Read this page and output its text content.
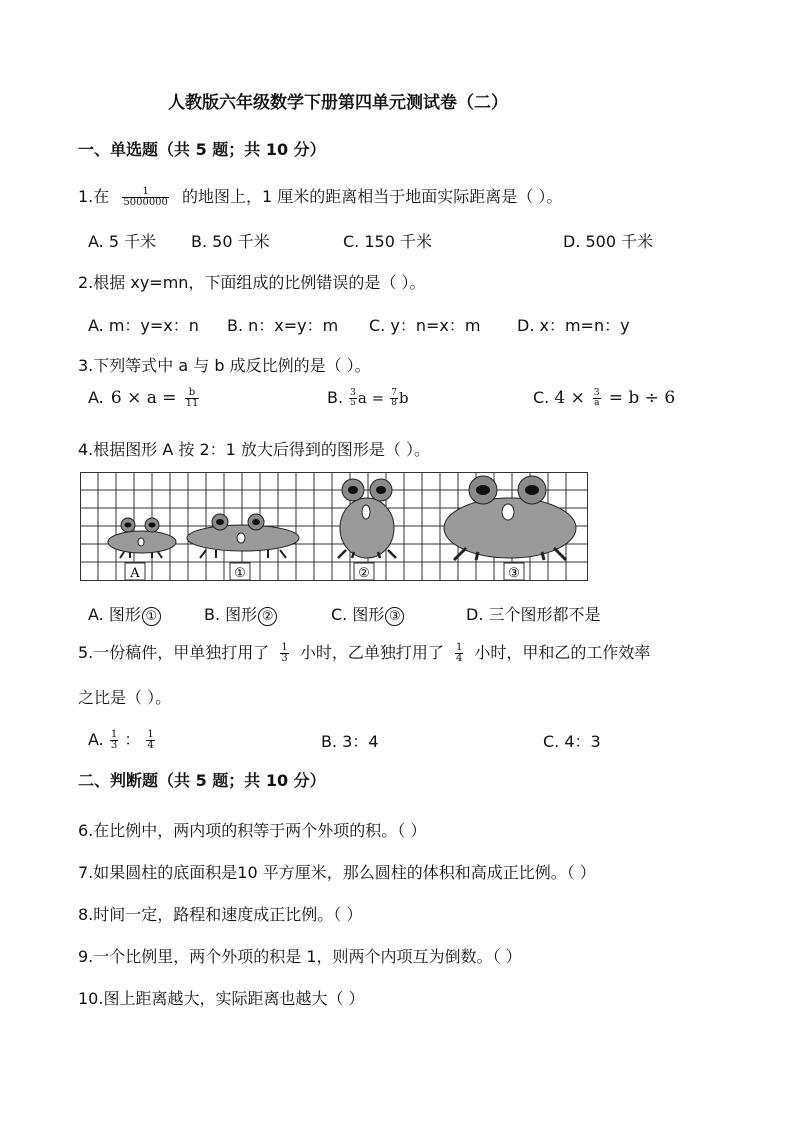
人教版六年级数学下册第四单元测试卷（二）
一、单选题（共 5 题；共 10 分）
1.在 $\frac{1}{5000000}$ 的地图上，1 厘米的距离相当于地面实际距离是（ ）。
A. 5 千米 B. 50 千米	C. 150 千米	D. 500 千米
2.根据 xy=mn，下面组成的比例错误的是（ ）。
A. m：y=x：n B. n：x=y：m C. y：n=x：m D. x：m=n：y
3.下列等式中 a 与 b 成反比例的是（ ）。
A. $6 \times a = \frac{b}{11}$	B. $\frac{3}{5}$ $a = \frac{7}{8}$ b	C. $4 \times \frac{3}{a} = b \div 6$
4.根据图形 A 按 2：1 放大后得到的图形是（ ）。
A	①	②	③
A. 图形 ①	B. 图形 ②	C. 图形 ③	D. 三个图形都不是
5.一份稿件，甲单独打用了 $\frac{1}{3}$ 小时，乙单独打用了 $\frac{1}{4}$ 小时，甲和乙的工作效率
之比是（ ）。
A. $\frac{1}{3}$ ： $\frac{1}{4}$	B. 3：4	C. 4：3
二、判断题（共 5 题；共 10 分）
6.在比例中，两内项的积等于两个外项的积。（ ）
7.如果圆柱的底面积是10 平方厘米，那么圆柱的体积和高成正比例。（ ）
8.时间一定，路程和速度成正比例。（ ）
9.一个比例里，两个外项的积是 1，则两个内项互为倒数。（ ）
10.图上距离越大，实际距离也越大（ ）
